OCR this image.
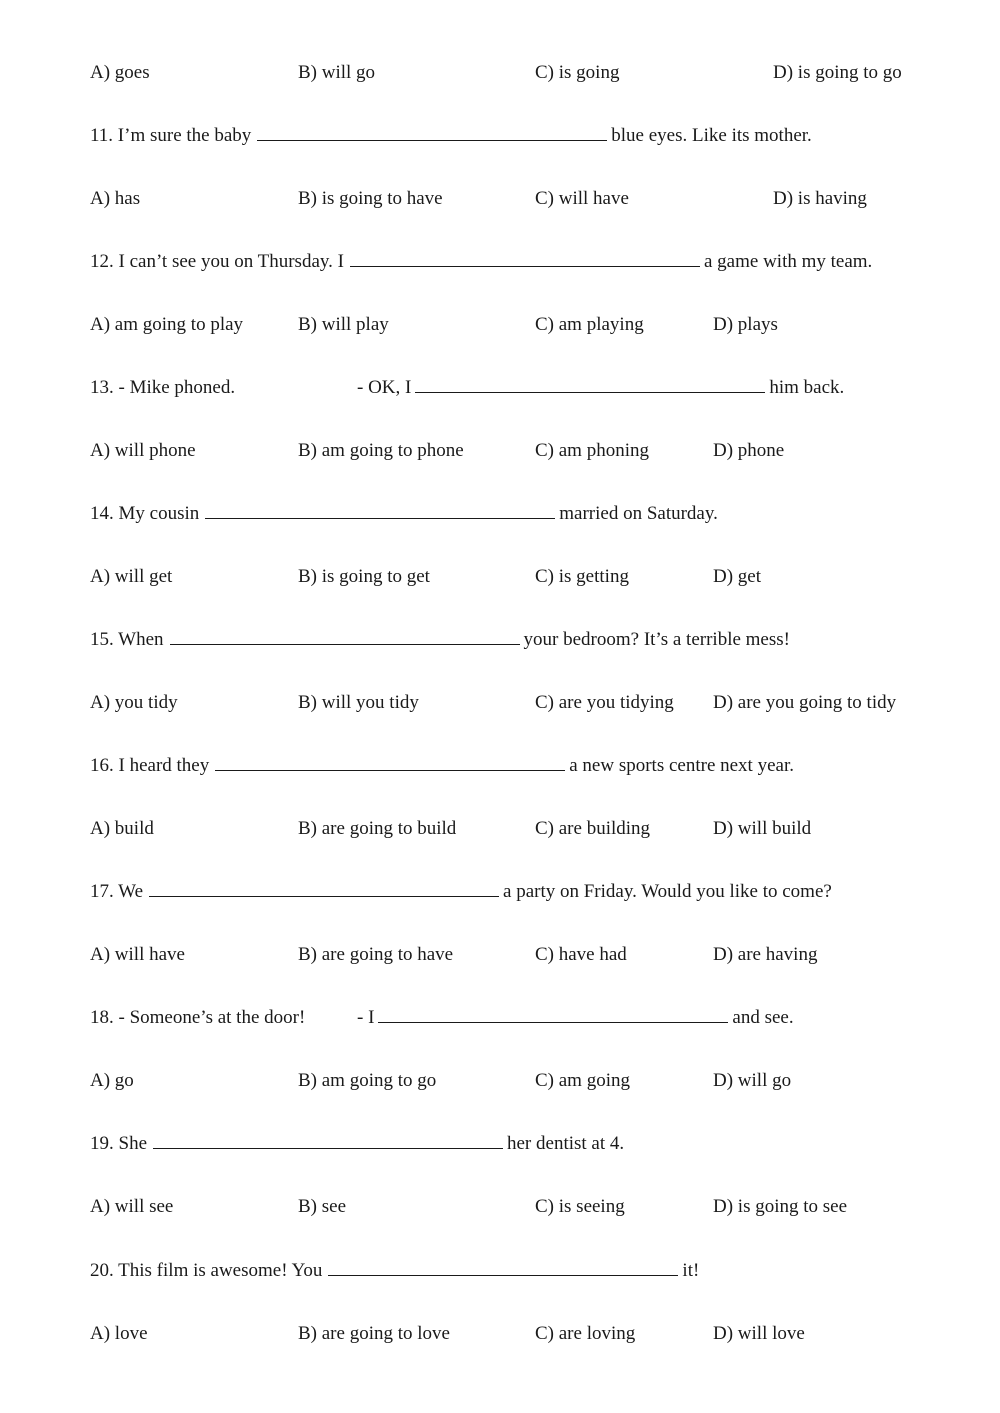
A) goes	B) will go	C) is going	D) is going to go
11. I’m sure the baby	blue eyes. Like its mother.
A) has	B) is going to have	C) will have	D) is having
12. I can’t see you on Thursday. I	a game with my team.
A) am going to play	B) will play	C) am playing	D) plays
13. - Mike phoned.	- OK, I	him back.
A) will phone	B) am going to phone	C) am phoning	D) phone
14. My cousin	married on Saturday.
A) will get	B) is going to get	C) is getting	D) get
15. When	your bedroom? It’s a terrible mess!
A) you tidy	B) will you tidy	C) are you tidying D) are you going to tidy
16. I heard they	a new sports centre next year.
A) build	B) are going to build	C) are building	D) will build
17. We	a party on Friday. Would you like to come?
A) will have	B) are going to have	C) have had	D) are having
18. - Someone’s at the door!	- I	and see.
A) go	B) am going to go	C) am going	D) will go
19. She	her dentist at 4.
A) will see	B) see	C) is seeing	D) is going to see
20. This film is awesome! You	it!
A) love	B) are going to love	C) are loving	D) will love
